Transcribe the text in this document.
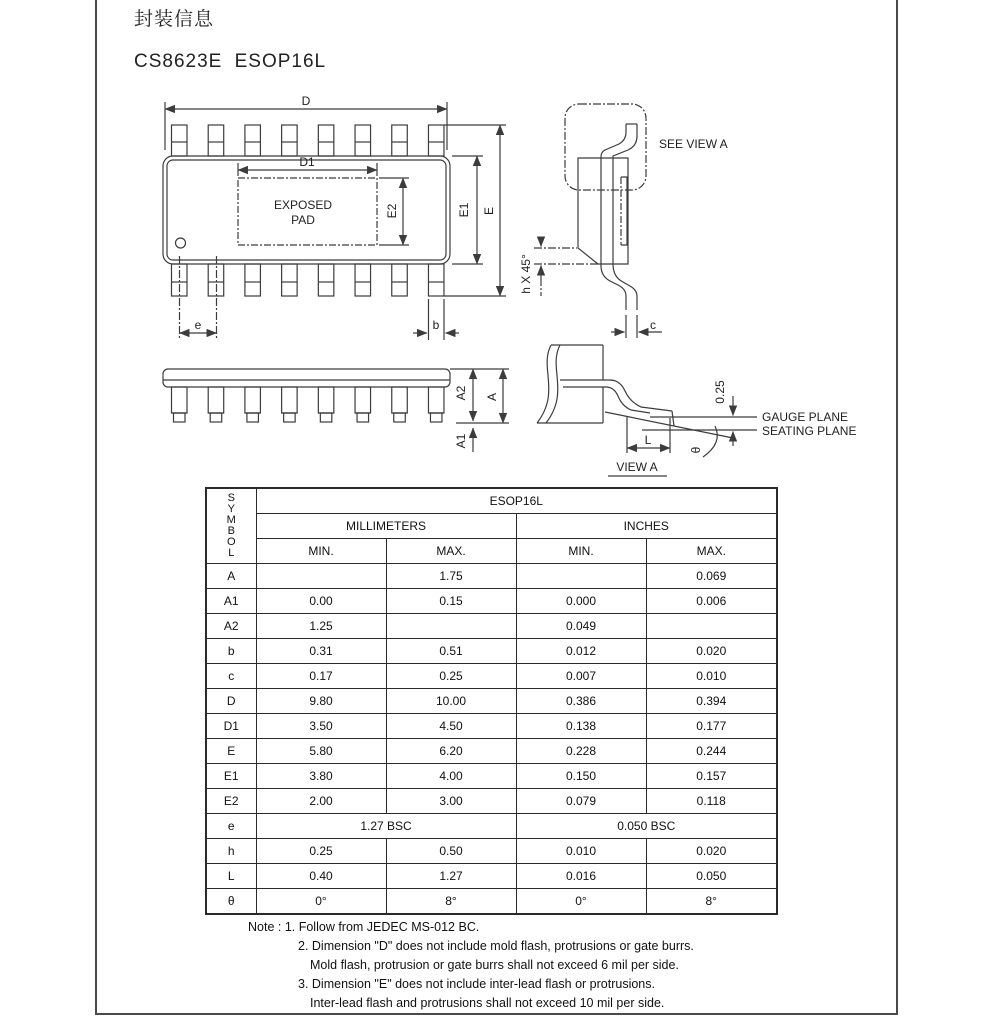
封装信息
CS8623E ESOP16L
D
D1
EXPOSED
PAD
E2	E1 E
e	b
SEE VIEW A
h X 45°
c
A2 A
A1
0.25
GAUGE PLANE
SEATING PLANE
L
θ
VIEW A
SYMBOL	ESOP16L			
	MILLIMETERS		INCHES	
	MIN.	MAX.	MIN.	MAX.
A		1.75		0.069
A1	0.00	0.15	0.000	0.006
A2	1.25		0.049	
b	0.31	0.51	0.012	0.020
c	0.17	0.25	0.007	0.010
D	9.80	10.00	0.386	0.394
D1	3.50	4.50	0.138	0.177
E	5.80	6.20	0.228	0.244
E1	3.80	4.00	0.150	0.157
E2	2.00	3.00	0.079	0.118
e	1.27 BSC		0.050 BSC	
h	0.25	0.50	0.010	0.020
L	0.40	1.27	0.016	0.050
θ	0°	8°	0°	8°
Note : 1. Follow from JEDEC MS-012 BC.
2. Dimension "D" does not include mold flash, protrusions or gate burrs.
Mold flash, protrusion or gate burrs shall not exceed 6 mil per side.
3. Dimension "E" does not include inter-lead flash or protrusions.
Inter-lead flash and protrusions shall not exceed 10 mil per side.
